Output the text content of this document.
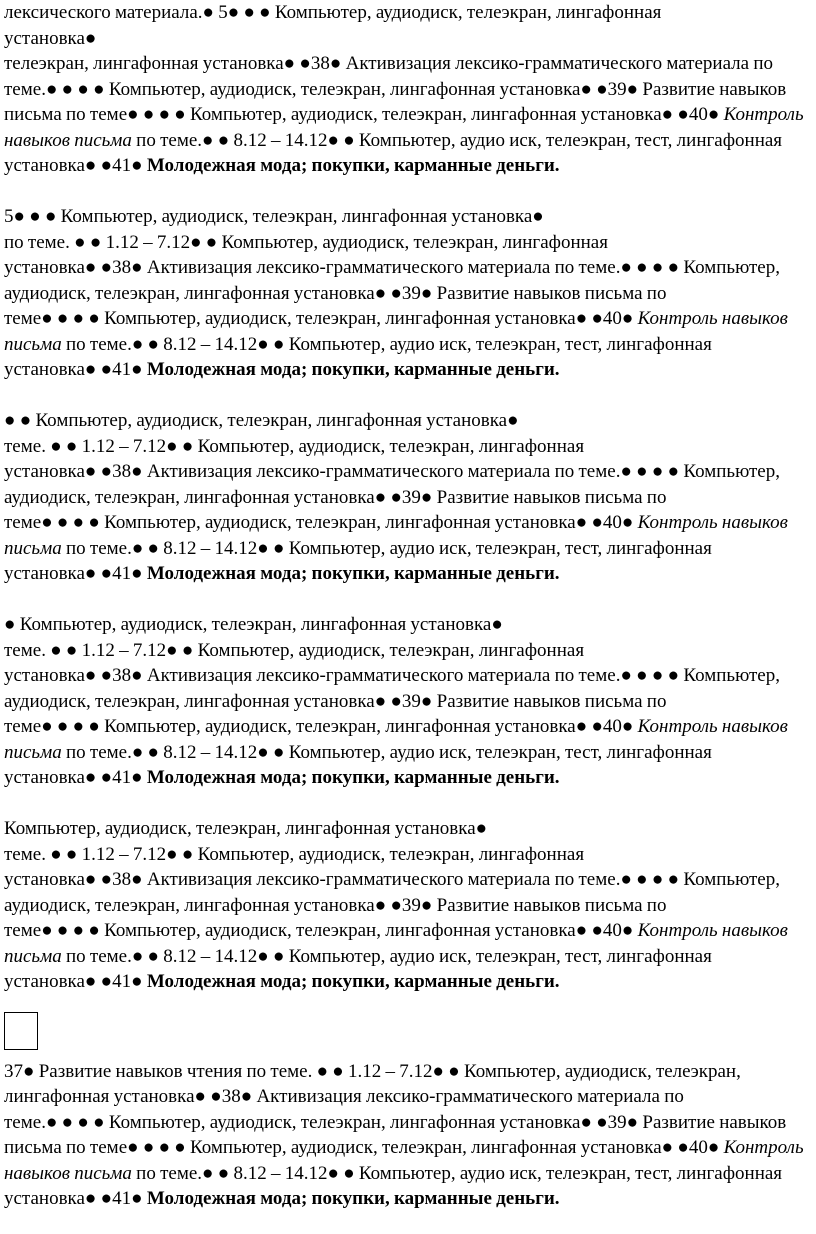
лексического материала.● 5● ● ● Компьютер, аудиодиск, телеэкран, лингафонная

установка●

телеэкран, лингафонная установка● ●38● Активизация лексико-грамматического материала по

теме.● ● ● ● Компьютер, аудиодиск, телеэкран, лингафонная установка● ●39● Развитие навыков

письма по теме● ● ● ● Компьютер, аудиодиск, телеэкран, лингафонная установка● ●40● Контроль

навыков письма по теме.● ● 8.12 – 14.12● ● Компьютер, аудио иск, телеэкран, тест, лингафонная

установка● ●41● Молодежная мода; покупки, карманные деньги.

5● ● ● Компьютер, аудиодиск, телеэкран, лингафонная установка●

по теме. ● ● 1.12 – 7.12● ● Компьютер, аудиодиск, телеэкран, лингафонная

установка● ●38● Активизация лексико-грамматического материала по теме.● ● ● ● Компьютер,

аудиодиск, телеэкран, лингафонная установка● ●39● Развитие навыков письма по

теме● ● ● ● Компьютер, аудиодиск, телеэкран, лингафонная установка● ●40● Контроль навыков

письма по теме.● ● 8.12 – 14.12● ● Компьютер, аудио иск, телеэкран, тест, лингафонная

установка● ●41● Молодежная мода; покупки, карманные деньги.

● ● Компьютер, аудиодиск, телеэкран, лингафонная установка●

теме. ● ● 1.12 – 7.12● ● Компьютер, аудиодиск, телеэкран, лингафонная

установка● ●38● Активизация лексико-грамматического материала по теме.● ● ● ● Компьютер,

аудиодиск, телеэкран, лингафонная установка● ●39● Развитие навыков письма по

теме● ● ● ● Компьютер, аудиодиск, телеэкран, лингафонная установка● ●40● Контроль навыков

письма по теме.● ● 8.12 – 14.12● ● Компьютер, аудио иск, телеэкран, тест, лингафонная

установка● ●41● Молодежная мода; покупки, карманные деньги.

● Компьютер, аудиодиск, телеэкран, лингафонная установка●

теме. ● ● 1.12 – 7.12● ● Компьютер, аудиодиск, телеэкран, лингафонная

установка● ●38● Активизация лексико-грамматического материала по теме.● ● ● ● Компьютер,

аудиодиск, телеэкран, лингафонная установка● ●39● Развитие навыков письма по

теме● ● ● ● Компьютер, аудиодиск, телеэкран, лингафонная установка● ●40● Контроль навыков

письма по теме.● ● 8.12 – 14.12● ● Компьютер, аудио иск, телеэкран, тест, лингафонная

установка● ●41● Молодежная мода; покупки, карманные деньги.

Компьютер, аудиодиск, телеэкран, лингафонная установка●

теме. ● ● 1.12 – 7.12● ● Компьютер, аудиодиск, телеэкран, лингафонная

установка● ●38● Активизация лексико-грамматического материала по теме.● ● ● ● Компьютер,

аудиодиск, телеэкран, лингафонная установка● ●39● Развитие навыков письма по

теме● ● ● ● Компьютер, аудиодиск, телеэкран, лингафонная установка● ●40● Контроль навыков

письма по теме.● ● 8.12 – 14.12● ● Компьютер, аудио иск, телеэкран, тест, лингафонная

установка● ●41● Молодежная мода; покупки, карманные деньги.

37● Развитие навыков чтения по теме. ● ● 1.12 – 7.12● ● Компьютер, аудиодиск, телеэкран,

лингафонная установка● ●38● Активизация лексико-грамматического материала по

теме.● ● ● ● Компьютер, аудиодиск, телеэкран, лингафонная установка● ●39● Развитие навыков

письма по теме● ● ● ● Компьютер, аудиодиск, телеэкран, лингафонная установка● ●40● Контроль

навыков письма по теме.● ● 8.12 – 14.12● ● Компьютер, аудио иск, телеэкран, тест, лингафонная

установка● ●41● Молодежная мода; покупки, карманные деньги.
